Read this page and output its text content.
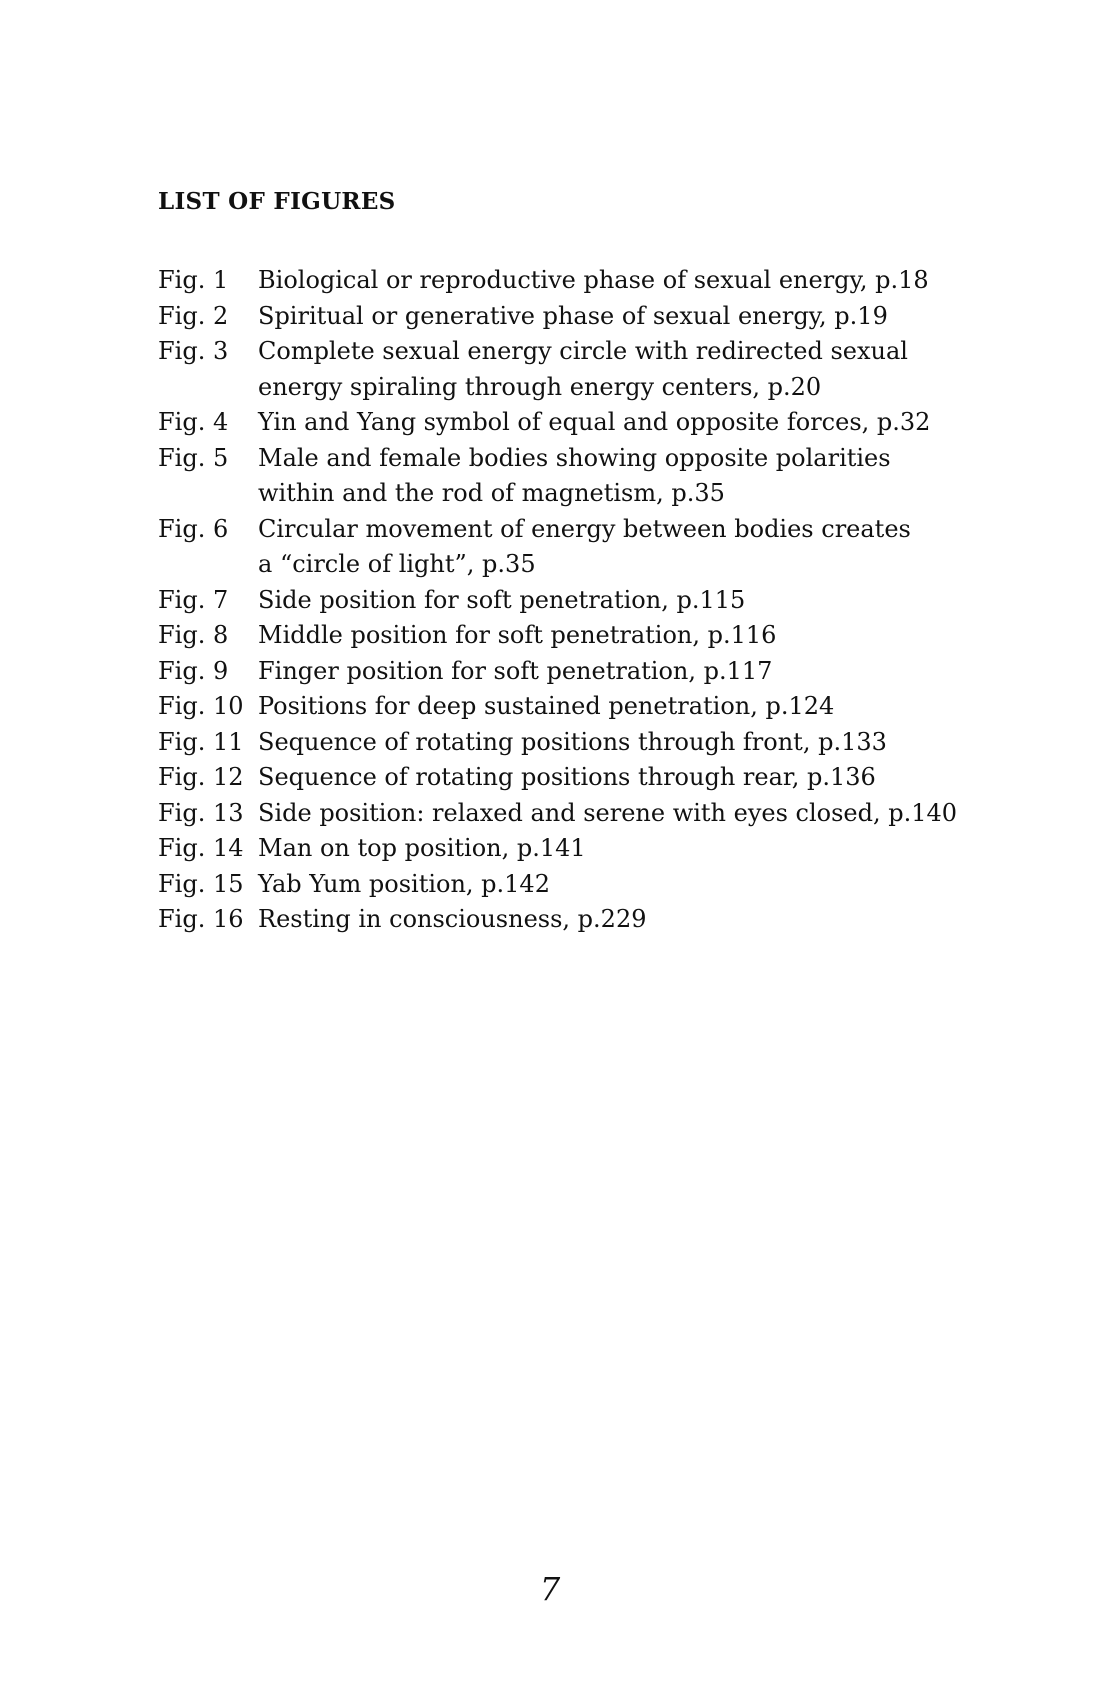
LIST OF FIGURES
Fig. 1	Biological or reproductive phase of sexual energy, p.18
Fig. 2	Spiritual or generative phase of sexual energy, p.19
Fig. 3	Complete sexual energy circle with redirected sexual
energy spiraling through energy centers, p.20
Fig. 4	Yin and Yang symbol of equal and opposite forces, p.32
Fig. 5	Male and female bodies showing opposite polarities
within and the rod of magnetism, p.35
Fig. 6	Circular movement of energy between bodies creates
a “circle of light”, p.35
Fig. 7	Side position for soft penetration, p.115
Fig. 8	Middle position for soft penetration, p.116
Fig. 9	Finger position for soft penetration, p.117
Fig. 10 Positions for deep sustained penetration, p.124
Fig. 11 Sequence of rotating positions through front, p.133
Fig. 12 Sequence of rotating positions through rear, p.136
Fig. 13 Side position: relaxed and serene with eyes closed, p.140
Fig. 14 Man on top position, p.141
Fig. 15 Yab Yum position, p.142
Fig. 16 Resting in consciousness, p.229
7
